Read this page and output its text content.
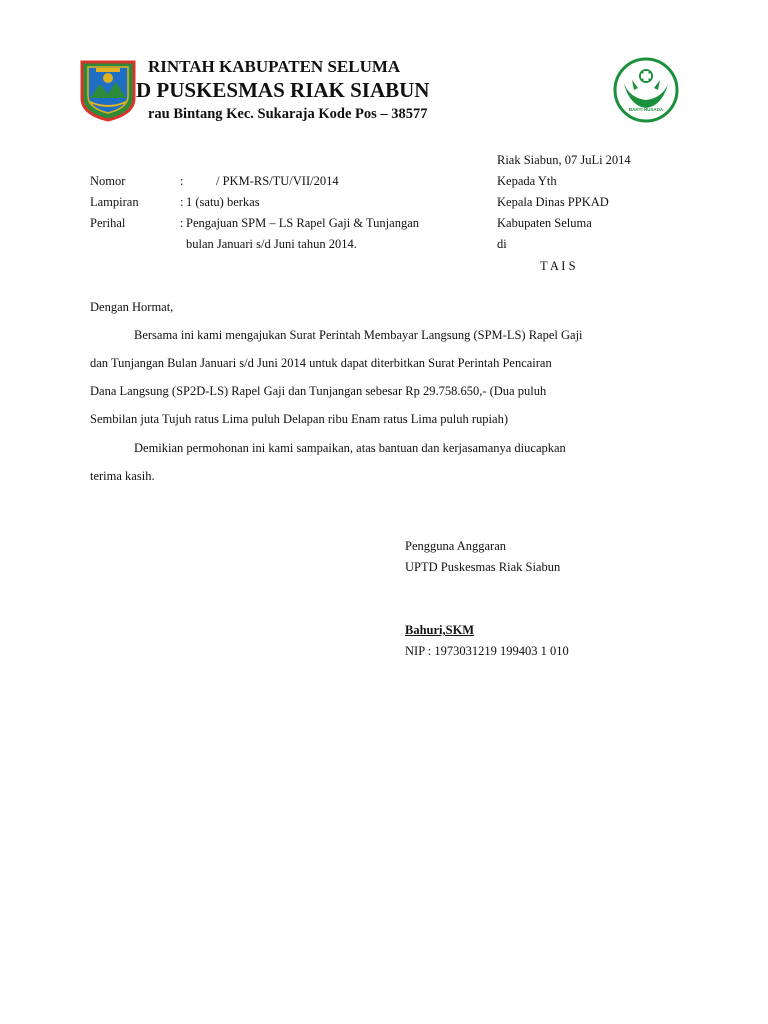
RINTAH KABUPATEN SELUMA
D PUSKESMAS RIAK SIABUN
rau Bintang Kec. Sukaraja Kode Pos – 38577	BAKTI HUSADA
Riak Siabun, 07 JuLi 2014
Nomor	:	/ PKM-RS/TU/VII/2014
Lampiran	: 1 (satu) berkas
Perihal	: Pengajuan SPM – LS Rapel Gaji & Tunjangan
bulan Januari s/d Juni tahun 2014.
Kepada Yth
Kepala Dinas PPKAD
Kabupaten Seluma
di
T A I S
Dengan Hormat,
Bersama ini kami mengajukan Surat Perintah Membayar Langsung (SPM-LS) Rapel Gaji
dan Tunjangan Bulan Januari s/d Juni 2014 untuk dapat diterbitkan Surat Perintah Pencairan
Dana Langsung (SP2D-LS) Rapel Gaji dan Tunjangan sebesar Rp 29.758.650,- (Dua puluh
Sembilan juta Tujuh ratus Lima puluh Delapan ribu Enam ratus Lima puluh rupiah)
Demikian permohonan ini kami sampaikan, atas bantuan dan kerjasamanya diucapkan
terima kasih.
Pengguna Anggaran
UPTD Puskesmas Riak Siabun
Bahuri,SKM
NIP : 1973031219 199403 1 010
